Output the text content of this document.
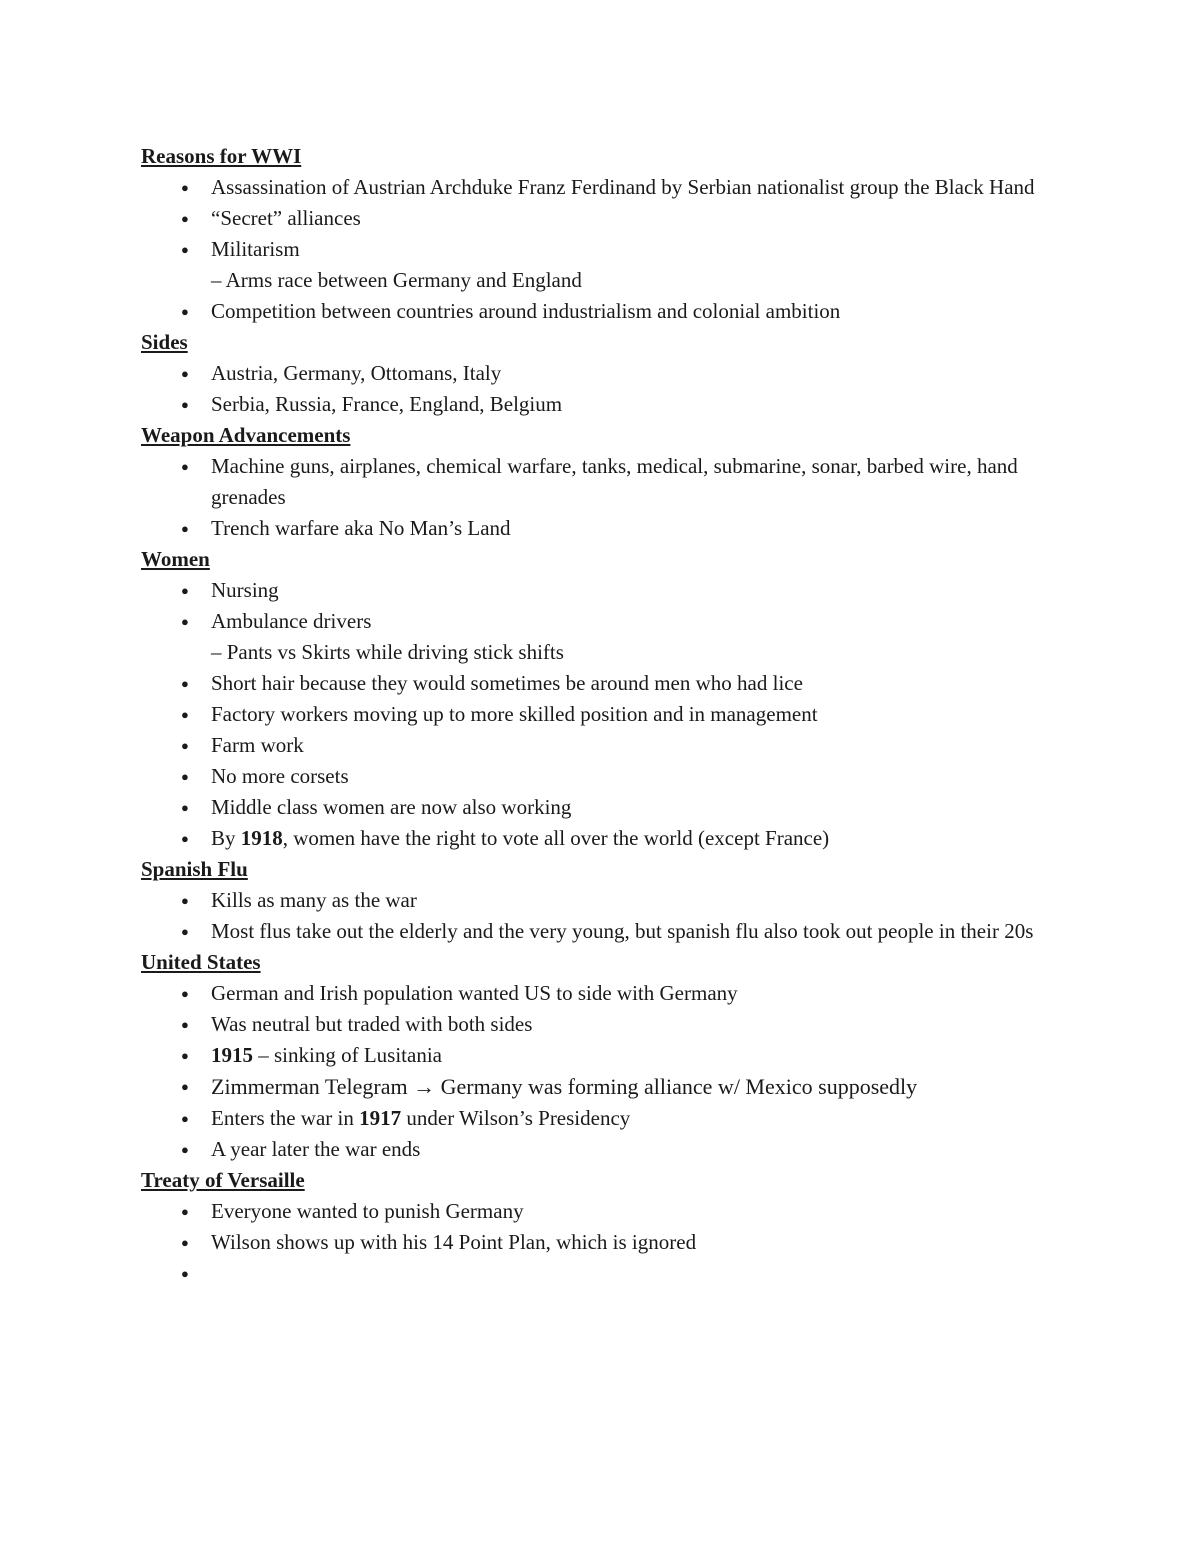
Reasons for WWI
● Assassination of Austrian Archduke Franz Ferdinand by Serbian nationalist group the Black Hand
● “Secret” alliances
● Militarism
– Arms race between Germany and England
● Competition between countries around industrialism and colonial ambition
Sides
● Austria, Germany, Ottomans, Italy
● Serbia, Russia, France, England, Belgium
Weapon Advancements
● Machine guns, airplanes, chemical warfare, tanks, medical, submarine, sonar, barbed wire, hand grenades
● Trench warfare aka No Man’s Land
Women
● Nursing
● Ambulance drivers
– Pants vs Skirts while driving stick shifts
● Short hair because they would sometimes be around men who had lice
● Factory workers moving up to more skilled position and in management
● Farm work
● No more corsets
● Middle class women are now also working
● By 1918, women have the right to vote all over the world (except France)
Spanish Flu
● Kills as many as the war
● Most flus take out the elderly and the very young, but spanish flu also took out people in their 20s
United States
● German and Irish population wanted US to side with Germany
● Was neutral but traded with both sides
● 1915 – sinking of Lusitania
● Zimmerman Telegram → Germany was forming alliance w/ Mexico supposedly
● Enters the war in 1917 under Wilson’s Presidency
● A year later the war ends
Treaty of Versaille
● Everyone wanted to punish Germany
● Wilson shows up with his 14 Point Plan, which is ignored
●
